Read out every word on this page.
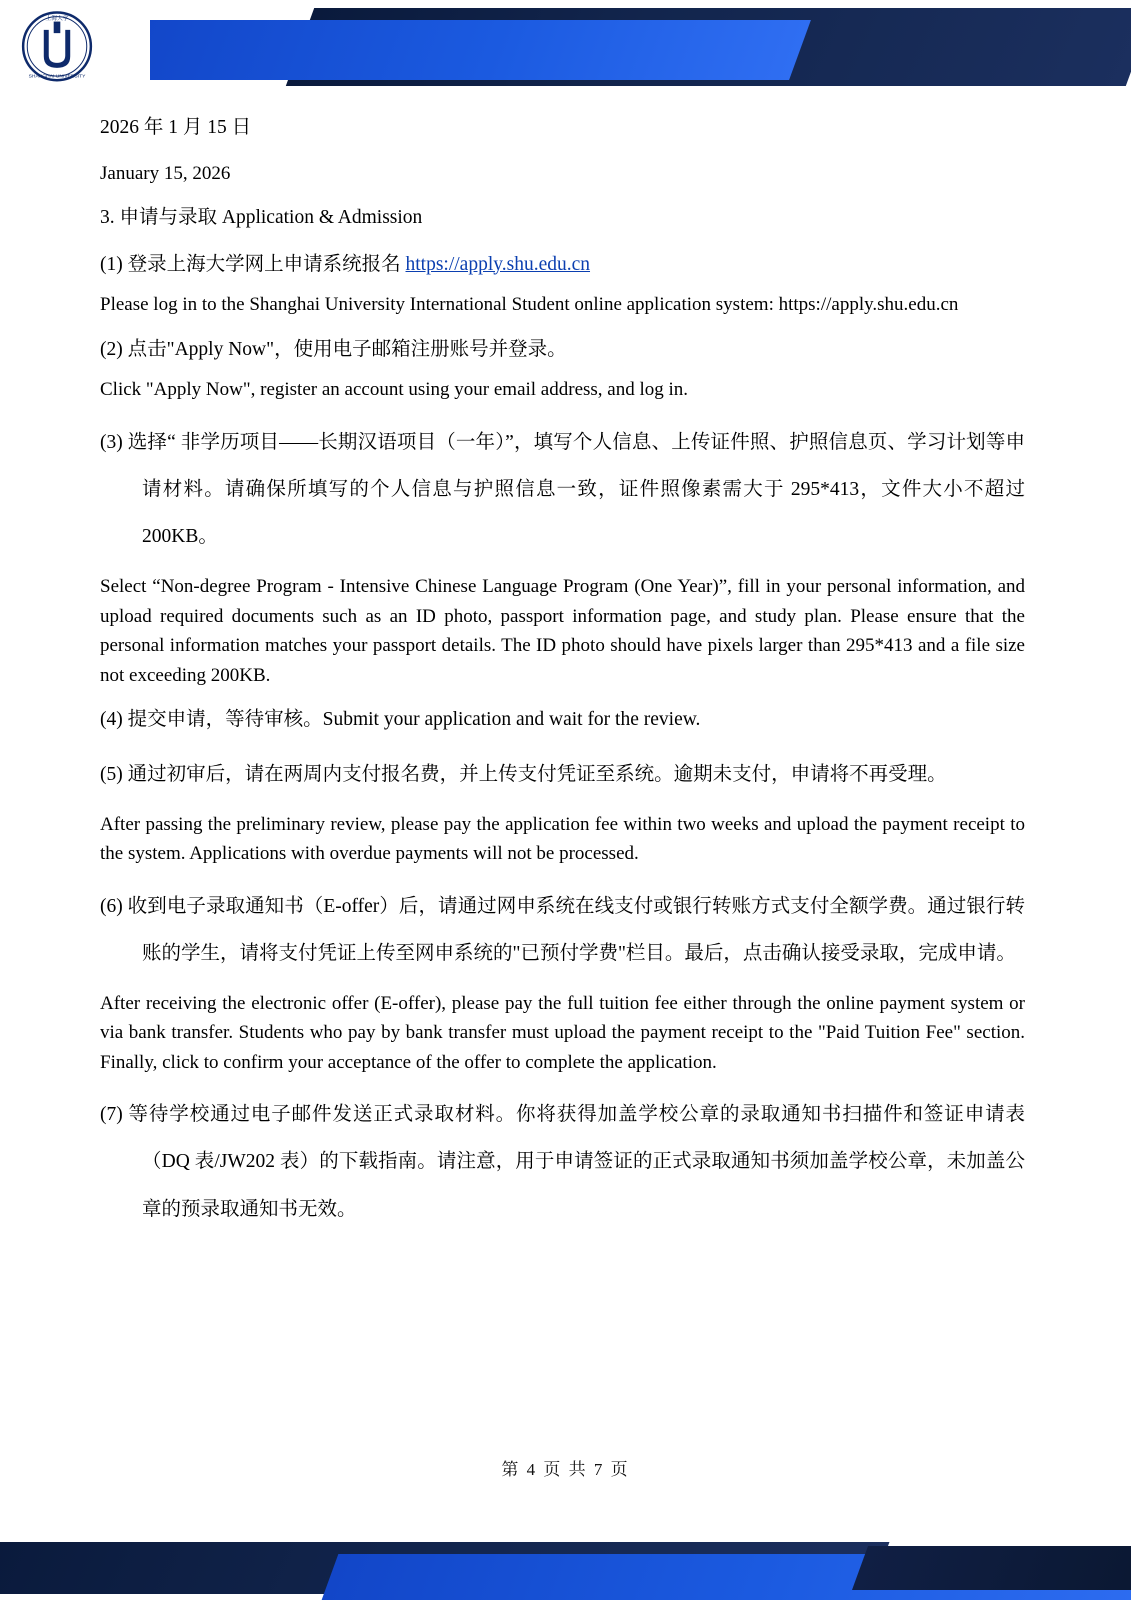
上海大学
SHANGHAI UNIVERSITY

2026 年 1 月 15 日

January 15, 2026

3. 申请与录取 Application & Admission

(1) 登录上海大学网上申请系统报名 https://apply.shu.edu.cn

Please log in to the Shanghai University International Student online application system: https://apply.shu.edu.cn

(2) 点击"Apply Now"，使用电子邮箱注册账号并登录。

Click "Apply Now", register an account using your email address, and log in.

(3) 选择“ 非学历项目——长期汉语项目（一年）”，填写个人信息、上传证件照、护照信息页、学习计划等申请材料。请确保所填写的个人信息与护照信息一致，证件照像素需大于 295*413，文件大小不超过 200KB。

Select “Non-degree Program - Intensive Chinese Language Program (One Year)”, fill in your personal information, and upload required documents such as an ID photo, passport information page, and study plan. Please ensure that the personal information matches your passport details. The ID photo should have pixels larger than 295*413 and a file size not exceeding 200KB.

(4) 提交申请，等待审核。Submit your application and wait for the review.

(5) 通过初审后，请在两周内支付报名费，并上传支付凭证至系统。逾期未支付，申请将不再受理。

After passing the preliminary review, please pay the application fee within two weeks and upload the payment receipt to the system. Applications with overdue payments will not be processed.

(6) 收到电子录取通知书（E-offer）后，请通过网申系统在线支付或银行转账方式支付全额学费。通过银行转账的学生，请将支付凭证上传至网申系统的"已预付学费"栏目。最后，点击确认接受录取，完成申请。

After receiving the electronic offer (E-offer), please pay the full tuition fee either through the online payment system or via bank transfer. Students who pay by bank transfer must upload the payment receipt to the "Paid Tuition Fee" section. Finally, click to confirm your acceptance of the offer to complete the application.

(7) 等待学校通过电子邮件发送正式录取材料。你将获得加盖学校公章的录取通知书扫描件和签证申请表（DQ 表/JW202 表）的下载指南。请注意，用于申请签证的正式录取通知书须加盖学校公章，未加盖公章的预录取通知书无效。

第 4 页 共 7 页
